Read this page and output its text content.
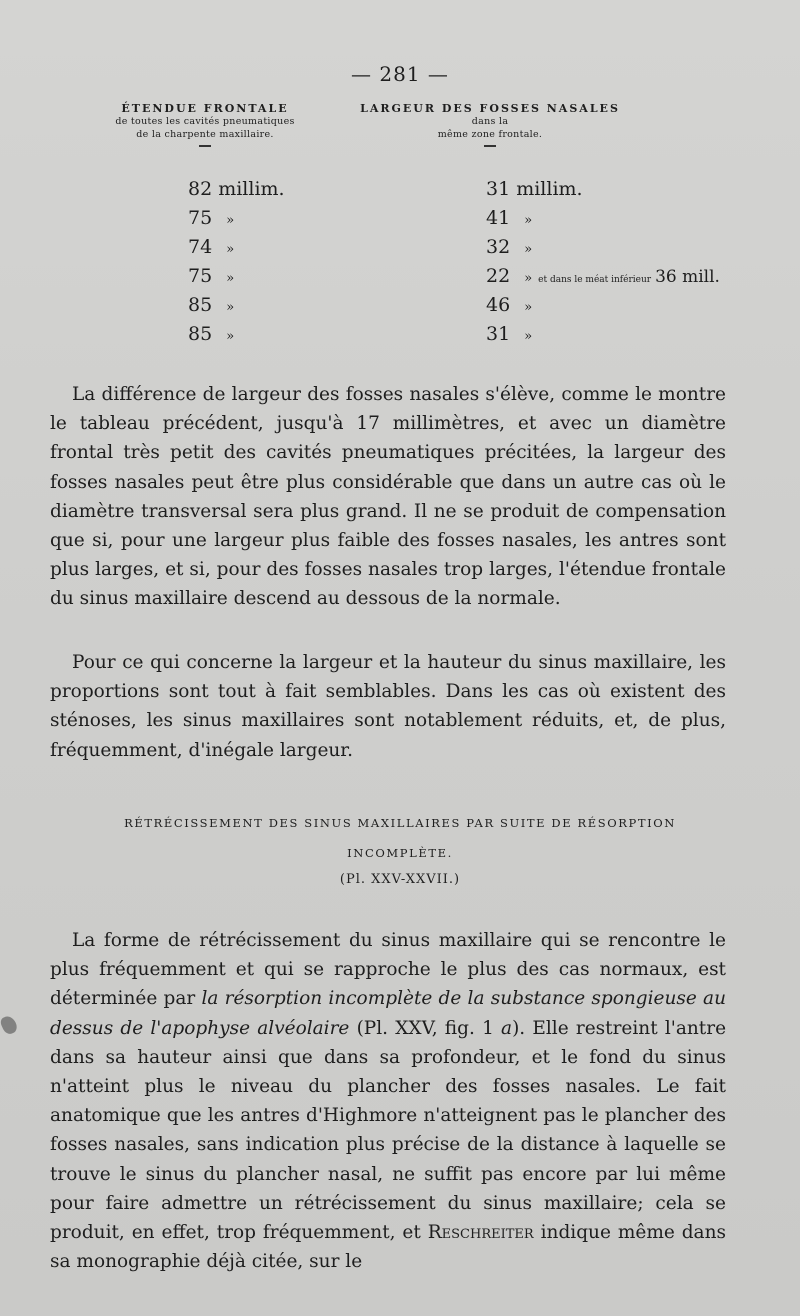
— 281 —
ÉTENDUE FRONTALE
de toutes les cavités pneumatiques
de la charpente maxillaire.
LARGEUR DES FOSSES NASALES
dans la
même zone frontale.
82 millim.	31 millim.
75 »	41 »
74 »	32 »
75 »	22 » et dans le méat inférieur 36 mill.
85 »	46 »
85 »	31 »

La différence de largeur des fosses nasales s'élève, comme le montre le tableau précédent, jusqu'à 17 millimètres, et avec un diamètre frontal très petit des cavités pneumatiques précitées, la largeur des fosses nasales peut être plus considérable que dans un autre cas où le diamètre transversal sera plus grand. Il ne se produit de compensation que si, pour une largeur plus faible des fosses nasales, les antres sont plus larges, et si, pour des fosses nasales trop larges, l'étendue frontale du sinus maxillaire descend au dessous de la normale.

Pour ce qui concerne la largeur et la hauteur du sinus maxillaire, les proportions sont tout à fait semblables. Dans les cas où existent des sténoses, les sinus maxillaires sont notablement réduits, et, de plus, fréquemment, d'inégale largeur.

RÉTRÉCISSEMENT DES SINUS MAXILLAIRES PAR SUITE DE RÉSORPTION
INCOMPLÈTE.
(Pl. XXV-XXVII.)

La forme de rétrécissement du sinus maxillaire qui se rencontre le plus fréquemment et qui se rapproche le plus des cas normaux, est déterminée par la résorption incomplète de la substance spongieuse au dessus de l'apophyse alvéolaire (Pl. XXV, fig. 1 a). Elle restreint l'antre dans sa hauteur ainsi que dans sa profondeur, et le fond du sinus n'atteint plus le niveau du plancher des fosses nasales. Le fait anatomique que les antres d'Highmore n'atteignent pas le plancher des fosses nasales, sans indication plus précise de la distance à laquelle se trouve le sinus du plancher nasal, ne suffit pas encore par lui même pour faire admettre un rétrécissement du sinus maxillaire; cela se produit, en effet, trop fréquemment, et Reschreiter indique même dans sa monographie déjà citée, sur le
